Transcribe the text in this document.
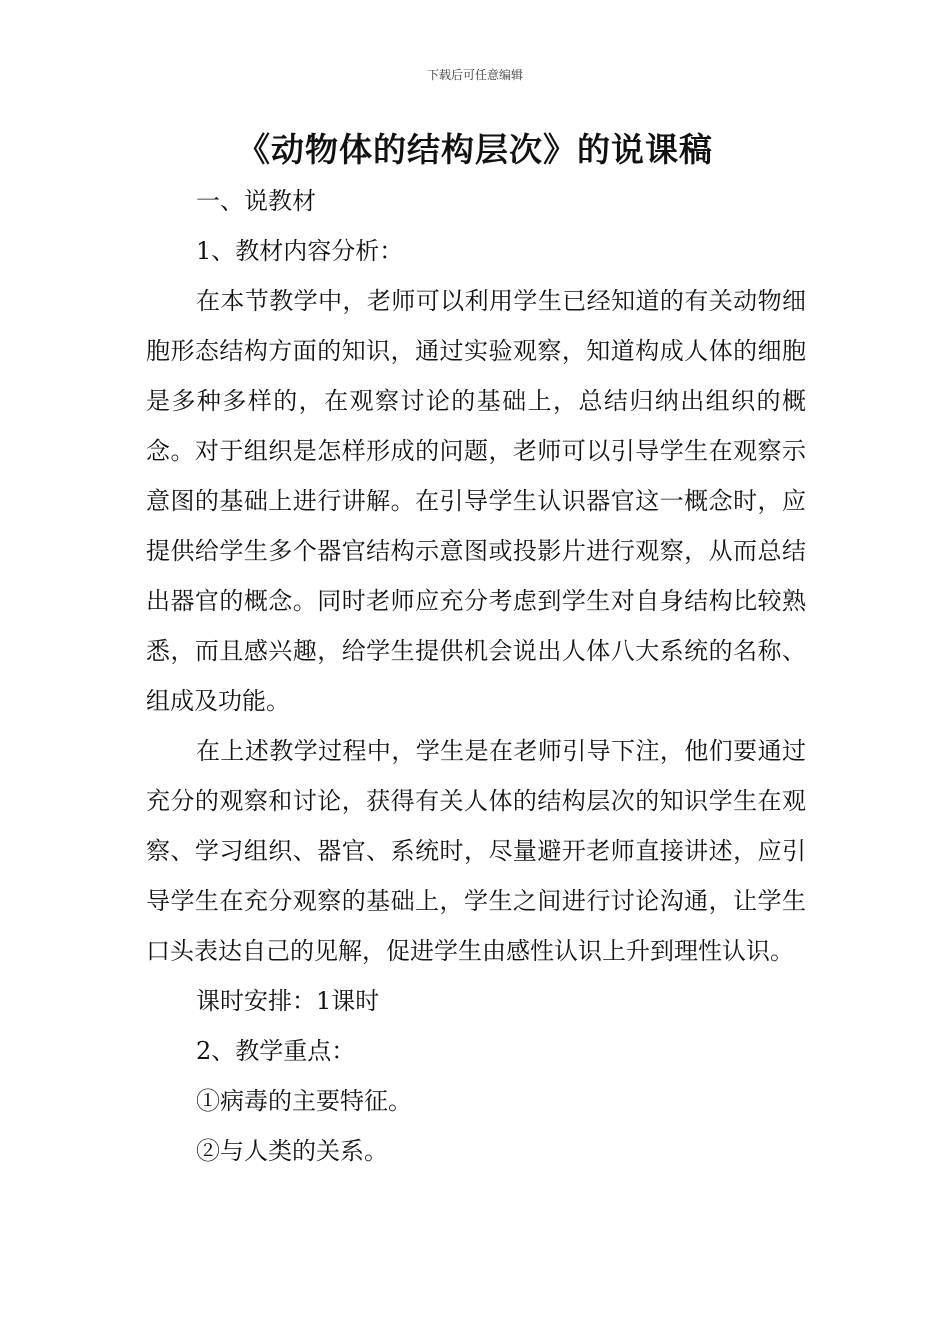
下载后可任意编辑
《动物体的结构层次》的说课稿

一、说教材

1、教材内容分析：

在本节教学中，老师可以利用学生已经知道的有关动物细胞形态结构方面的知识，通过实验观察，知道构成人体的细胞是多种多样的，在观察讨论的基础上，总结归纳出组织的概念。对于组织是怎样形成的问题，老师可以引导学生在观察示意图的基础上进行讲解。在引导学生认识器官这一概念时，应提供给学生多个器官结构示意图或投影片进行观察，从而总结出器官的概念。同时老师应充分考虑到学生对自身结构比较熟悉，而且感兴趣，给学生提供机会说出人体八大系统的名称、组成及功能。

在上述教学过程中，学生是在老师引导下注，他们要通过充分的观察和讨论，获得有关人体的结构层次的知识学生在观察、学习组织、器官、系统时，尽量避开老师直接讲述，应引导学生在充分观察的基础上，学生之间进行讨论沟通，让学生口头表达自己的见解，促进学生由感性认识上升到理性认识。

课时安排：1课时

2、教学重点：

①病毒的主要特征。

②与人类的关系。
